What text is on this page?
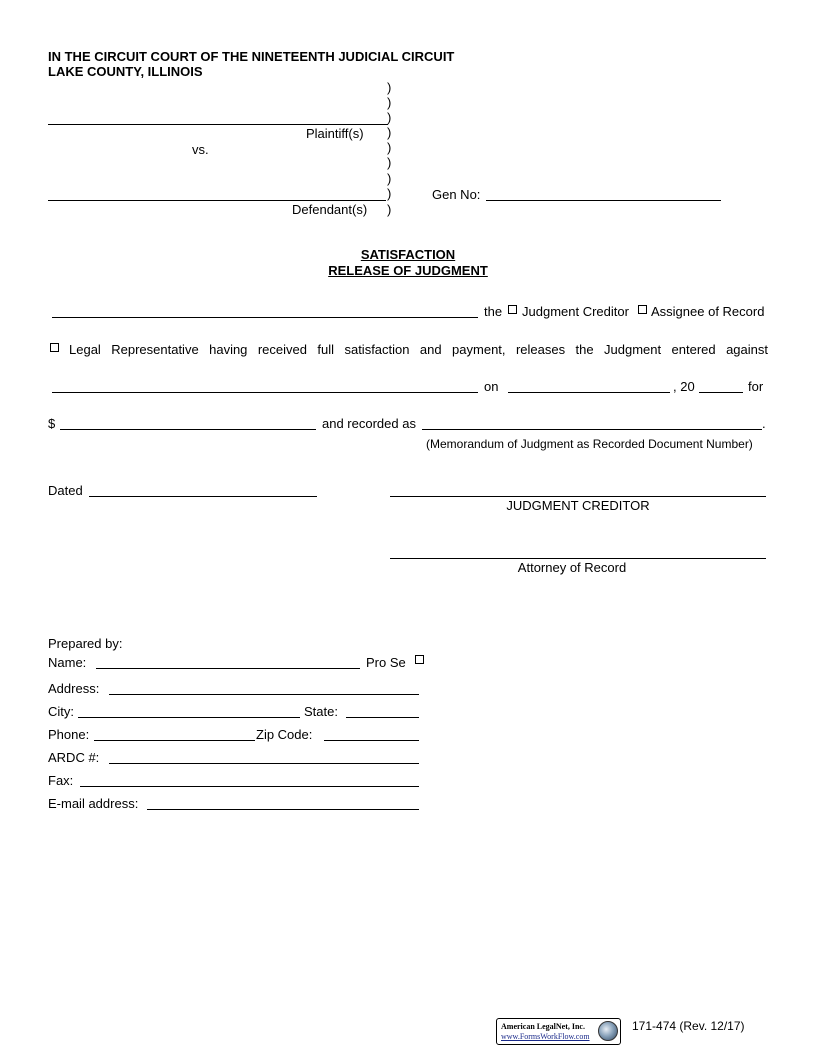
IN THE CIRCUIT COURT OF THE NINETEENTH JUDICIAL CIRCUIT
LAKE COUNTY, ILLINOIS
)
)
)
)
)
)
)
)
)
Plaintiff(s)
vs.
Defendant(s)
Gen No:
SATISFACTION
RELEASE OF JUDGMENT
the Judgment Creditor Assignee of Record
Legal Representative having received full satisfaction and payment, releases the Judgment entered against
on	, 20	for
$	and recorded as	.
(Memorandum of Judgment as Recorded Document Number)
Dated
JUDGMENT CREDITOR
Attorney of Record
Prepared by:
Name:	Pro Se
Address:
City:	State:
Phone:	Zip Code:
ARDC #:
Fax:
E-mail address:
American LegalNet, Inc.
www.FormsWorkFlow.com
171-474 (Rev. 12/17)
